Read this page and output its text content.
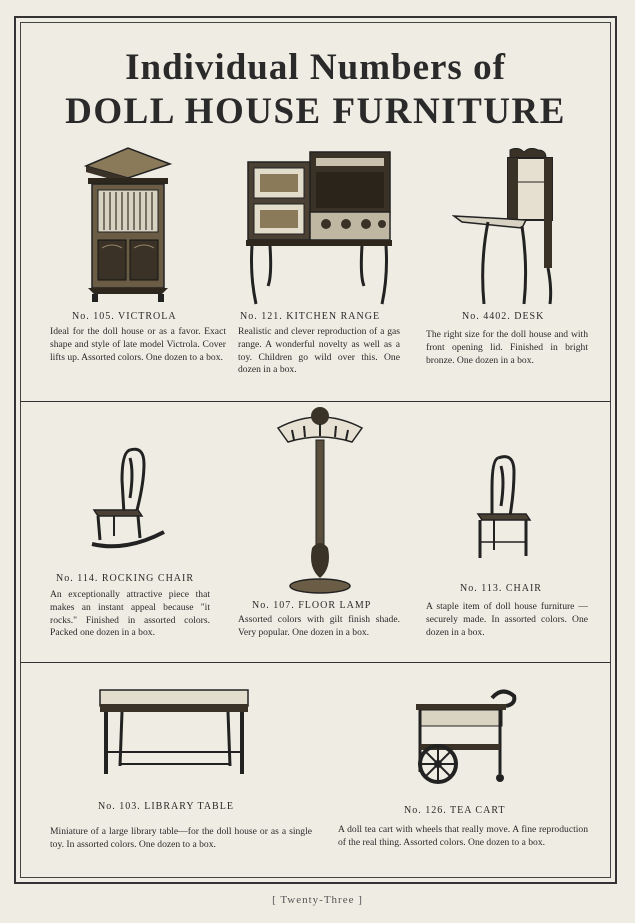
Individual Numbers of
DOLL HOUSE FURNITURE
No. 105. VICTROLA
Ideal for the doll house or as a favor. Exact shape and style of late model Victrola. Cover lifts up. Assorted colors. One dozen to a box.
No. 121. KITCHEN RANGE
Realistic and clever reproduction of a gas range. A wonderful novelty as well as a toy. Children go wild over this. One dozen in a box.
No. 4402. DESK
The right size for the doll house and with front opening lid. Finished in bright bronze. One dozen in a box.
No. 114. ROCKING CHAIR
An exceptionally attractive piece that makes an instant appeal because "it rocks." Finished in assorted colors. Packed one dozen in a box.
No. 107. FLOOR LAMP
Assorted colors with gilt finish shade. Very popular. One dozen in a box.
No. 113. CHAIR
A staple item of doll house furniture — securely made. In assorted colors. One dozen in a box.
No. 103. LIBRARY TABLE
Miniature of a large library table—for the doll house or as a single toy. In assorted colors. One dozen to a box.
No. 126. TEA CART
A doll tea cart with wheels that really move. A fine reproduction of the real thing. Assorted colors. One dozen to a box.
[ Twenty-Three ]
